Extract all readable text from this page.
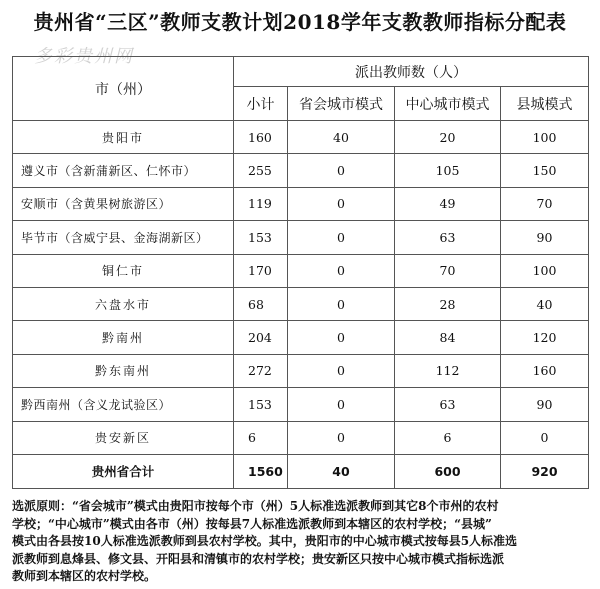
贵州省“三区”教师支教计划2018学年支教教师指标分配表
多彩贵州网
市（州）	派出教师数（人）			
	小计	省会城市模式	中心城市模式	县城模式
贵阳市	160	40	20	100
遵义市（含新蒲新区、仁怀市）	255	0	105	150
安顺市（含黄果树旅游区）	119	0	49	70
毕节市（含威宁县、金海湖新区）	153	0	63	90
铜仁市	170	0	70	100
六盘水市	68	0	28	40
黔南州	204	0	84	120
黔东南州	272	0	112	160
黔西南州（含义龙试验区）	153	0	63	90
贵安新区	6	0	6	0
贵州省合计	1560	40	600	920
选派原则：“省会城市”模式由贵阳市按每个市（州）5人标准选派教师到其它8个市州的农村
学校；“中心城市”模式由各市（州）按每县7人标准选派教师到本辖区的农村学校；“县城”
模式由各县按10人标准选派教师到县农村学校。其中，贵阳市的中心城市模式按每县5人标准选
派教师到息烽县、修文县、开阳县和清镇市的农村学校；贵安新区只按中心城市模式指标选派
教师到本辖区的农村学校。
